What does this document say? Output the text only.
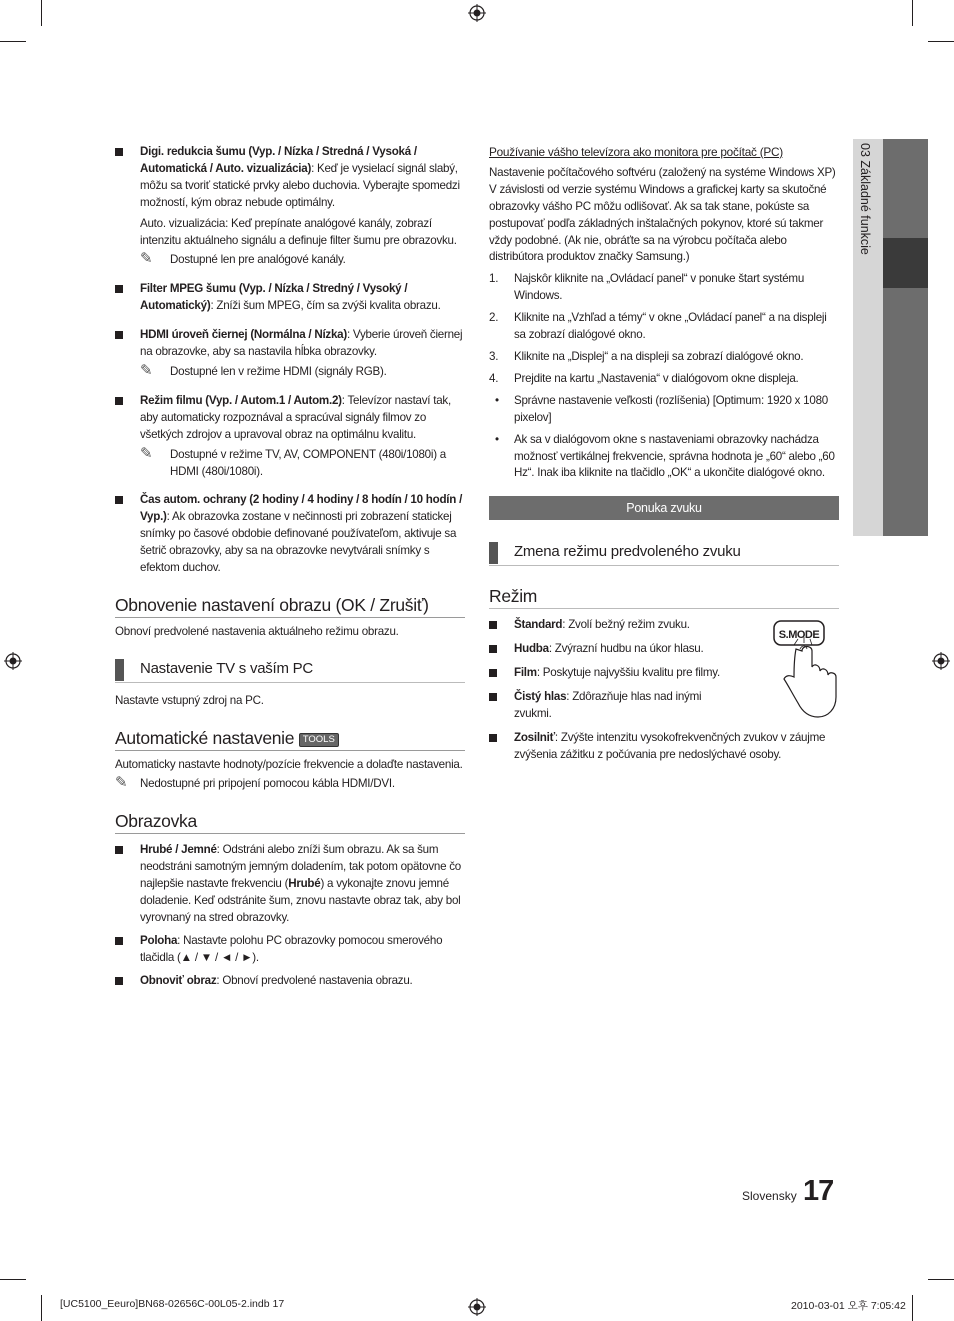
03 Základné funkcie
Digi. redukcia šumu (Vyp. / Nízka / Stredná / Vysoká / Automatická / Auto. vizualizácia): Keď je vysielací signál slabý, môžu sa tvoriť statické prvky alebo duchovia. Vyberajte spomedzi možností, kým obraz nebude optimálny.
Auto. vizualizácia: Keď prepínate analógové kanály, zobrazí intenzitu aktuálneho signálu a definuje filter šumu pre obrazovku.
✎ Dostupné len pre analógové kanály.
Filter MPEG šumu (Vyp. / Nízka / Stredný / Vysoký / Automatický): Zníži šum MPEG, čím sa zvýši kvalita obrazu.
HDMI úroveň čiernej (Normálna / Nízka): Vyberie úroveň čiernej na obrazovke, aby sa nastavila hĺbka obrazovky.
✎ Dostupné len v režime HDMI (signály RGB).
Režim filmu (Vyp. / Autom.1 / Autom.2): Televízor nastaví tak, aby automaticky rozpoznával a spracúval signály filmov zo všetkých zdrojov a upravoval obraz na optimálnu kvalitu.
✎ Dostupné v režime TV, AV, COMPONENT (480i/1080i) a HDMI (480i/1080i).
Čas autom. ochrany (2 hodiny / 4 hodiny / 8 hodín / 10 hodín / Vyp.): Ak obrazovka zostane v nečinnosti pri zobrazení statickej snímky po časové obdobie definované používateľom, aktivuje sa šetrič obrazovky, aby sa na obrazovke nevytvárali snímky s efektom duchov.
Obnovenie nastavení obrazu (OK / Zrušiť)
Obnoví predvolené nastavenia aktuálneho režimu obrazu.
Nastavenie TV s vaším PC
Nastavte vstupný zdroj na PC.
Automatické nastavenie TOOLS
Automaticky nastavte hodnoty/pozície frekvencie a dolaďte nastavenia.
✎ Nedostupné pri pripojení pomocou kábla HDMI/DVI.
Obrazovka
Hrubé / Jemné: Odstráni alebo zníži šum obrazu. Ak sa šum neodstráni samotným jemným doladením, tak potom opätovne čo najlepšie nastavte frekvenciu (Hrubé) a vykonajte znovu jemné doladenie. Keď odstránite šum, znovu nastavte obraz tak, aby bol vyrovnaný na stred obrazovky.
Poloha: Nastavte polohu PC obrazovky pomocou smerového tlačidla (▲ / ▼ / ◄ / ►).
Obnoviť obraz: Obnoví predvolené nastavenia obrazu.
Používanie vášho televízora ako monitora pre počítač (PC)
Nastavenie počítačového softvéru (založený na systéme Windows XP)
V závislosti od verzie systému Windows a grafickej karty sa skutočné obrazovky vášho PC môžu odlišovať. Ak sa tak stane, pokúste sa postupovať podľa základných inštalačných pokynov, ktoré sú takmer vždy podobné. (Ak nie, obráťte sa na výrobcu počítača alebo distribútora produktov značky Samsung.)
1. Najskôr kliknite na „Ovládací panel“ v ponuke štart systému Windows.
2. Kliknite na „Vzhľad a témy“ v okne „Ovládací panel“ a na displeji sa zobrazí dialógové okno.
3. Kliknite na „Displej“ a na displeji sa zobrazí dialógové okno.
4. Prejdite na kartu „Nastavenia“ v dialógovom okne displeja.
• Správne nastavenie veľkosti (rozlíšenia) [Optimum: 1920 x 1080 pixelov]
• Ak sa v dialógovom okne s nastaveniami obrazovky nachádza možnosť vertikálnej frekvencie, správna hodnota je „60“ alebo „60 Hz“. Inak iba kliknite na tlačidlo „OK“ a ukončite dialógové okno.
Ponuka zvuku
Zmena režimu predvoleného zvuku
Režim
S.MODE
Štandard: Zvolí bežný režim zvuku.
Hudba: Zvýrazní hudbu na úkor hlasu.
Film: Poskytuje najvyššiu kvalitu pre filmy.
Čistý hlas: Zdôrazňuje hlas nad inými zvukmi.
Zosilniť: Zvýšte intenzitu vysokofrekvenčných zvukov v záujme zvýšenia zážitku z počúvania pre nedoslýchavé osoby.
Slovensky 17
[UC5100_Eeuro]BN68-02656C-00L05-2.indb 17	2010-03-01 오후 7:05:42
